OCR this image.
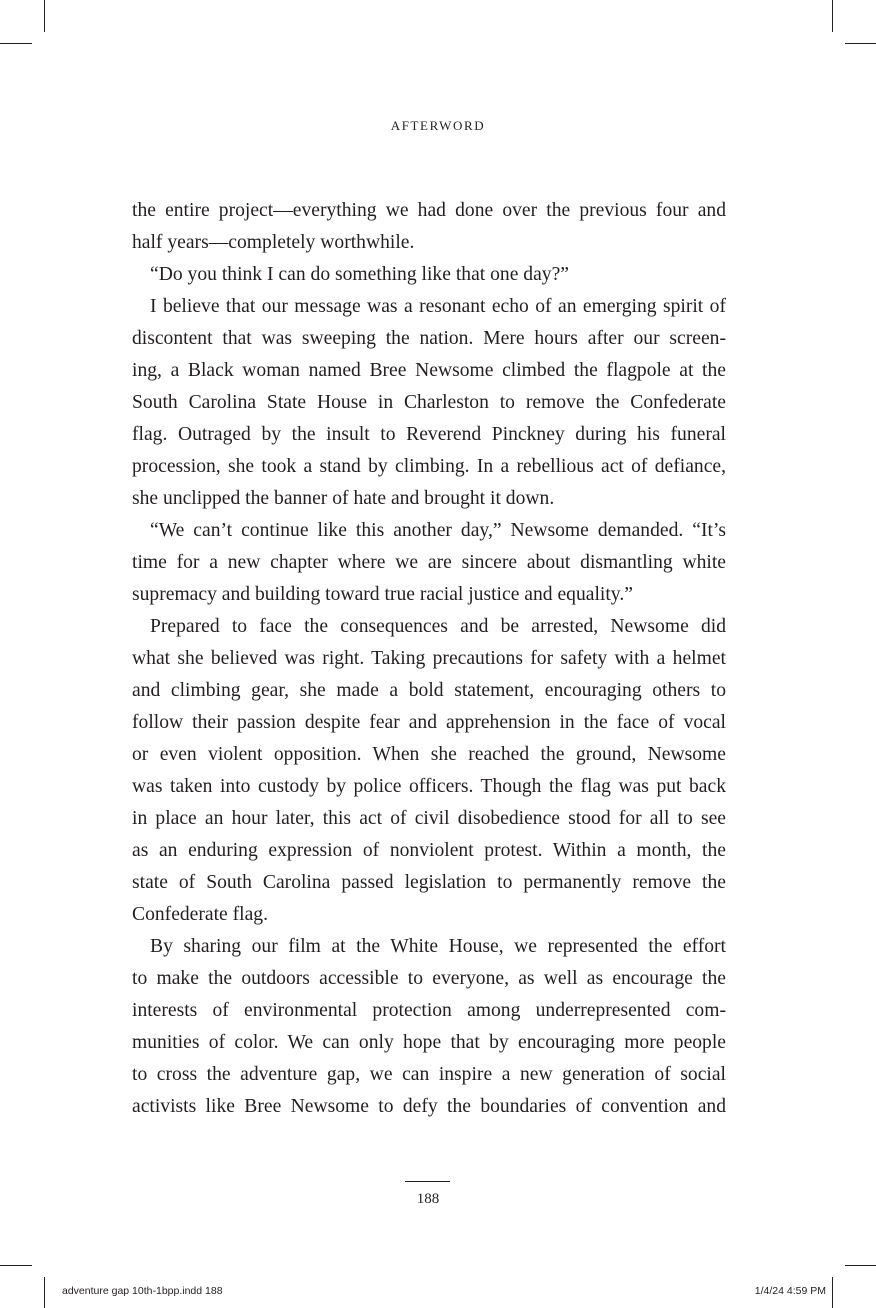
AFTERWORD
the entire project—everything we had done over the previous four and
half years—completely worthwhile.
“Do you think I can do something like that one day?”
I believe that our message was a resonant echo of an emerging spirit of
discontent that was sweeping the nation. Mere hours after our screen-
ing, a Black woman named Bree Newsome climbed the flagpole at the
South Carolina State House in Charleston to remove the Confederate
flag. Outraged by the insult to Reverend Pinckney during his funeral
procession, she took a stand by climbing. In a rebellious act of defiance,
she unclipped the banner of hate and brought it down.
“We can’t continue like this another day,” Newsome demanded. “It’s
time for a new chapter where we are sincere about dismantling white
supremacy and building toward true racial justice and equality.”
Prepared to face the consequences and be arrested, Newsome did
what she believed was right. Taking precautions for safety with a helmet
and climbing gear, she made a bold statement, encouraging others to
follow their passion despite fear and apprehension in the face of vocal
or even violent opposition. When she reached the ground, Newsome
was taken into custody by police officers. Though the flag was put back
in place an hour later, this act of civil disobedience stood for all to see
as an enduring expression of nonviolent protest. Within a month, the
state of South Carolina passed legislation to permanently remove the
Confederate flag.
By sharing our film at the White House, we represented the effort
to make the outdoors accessible to everyone, as well as encourage the
interests of environmental protection among underrepresented com-
munities of color. We can only hope that by encouraging more people
to cross the adventure gap, we can inspire a new generation of social
activists like Bree Newsome to defy the boundaries of convention and
188
adventure gap 10th-1bpp.indd 188	1/4/24 4:59 PM
